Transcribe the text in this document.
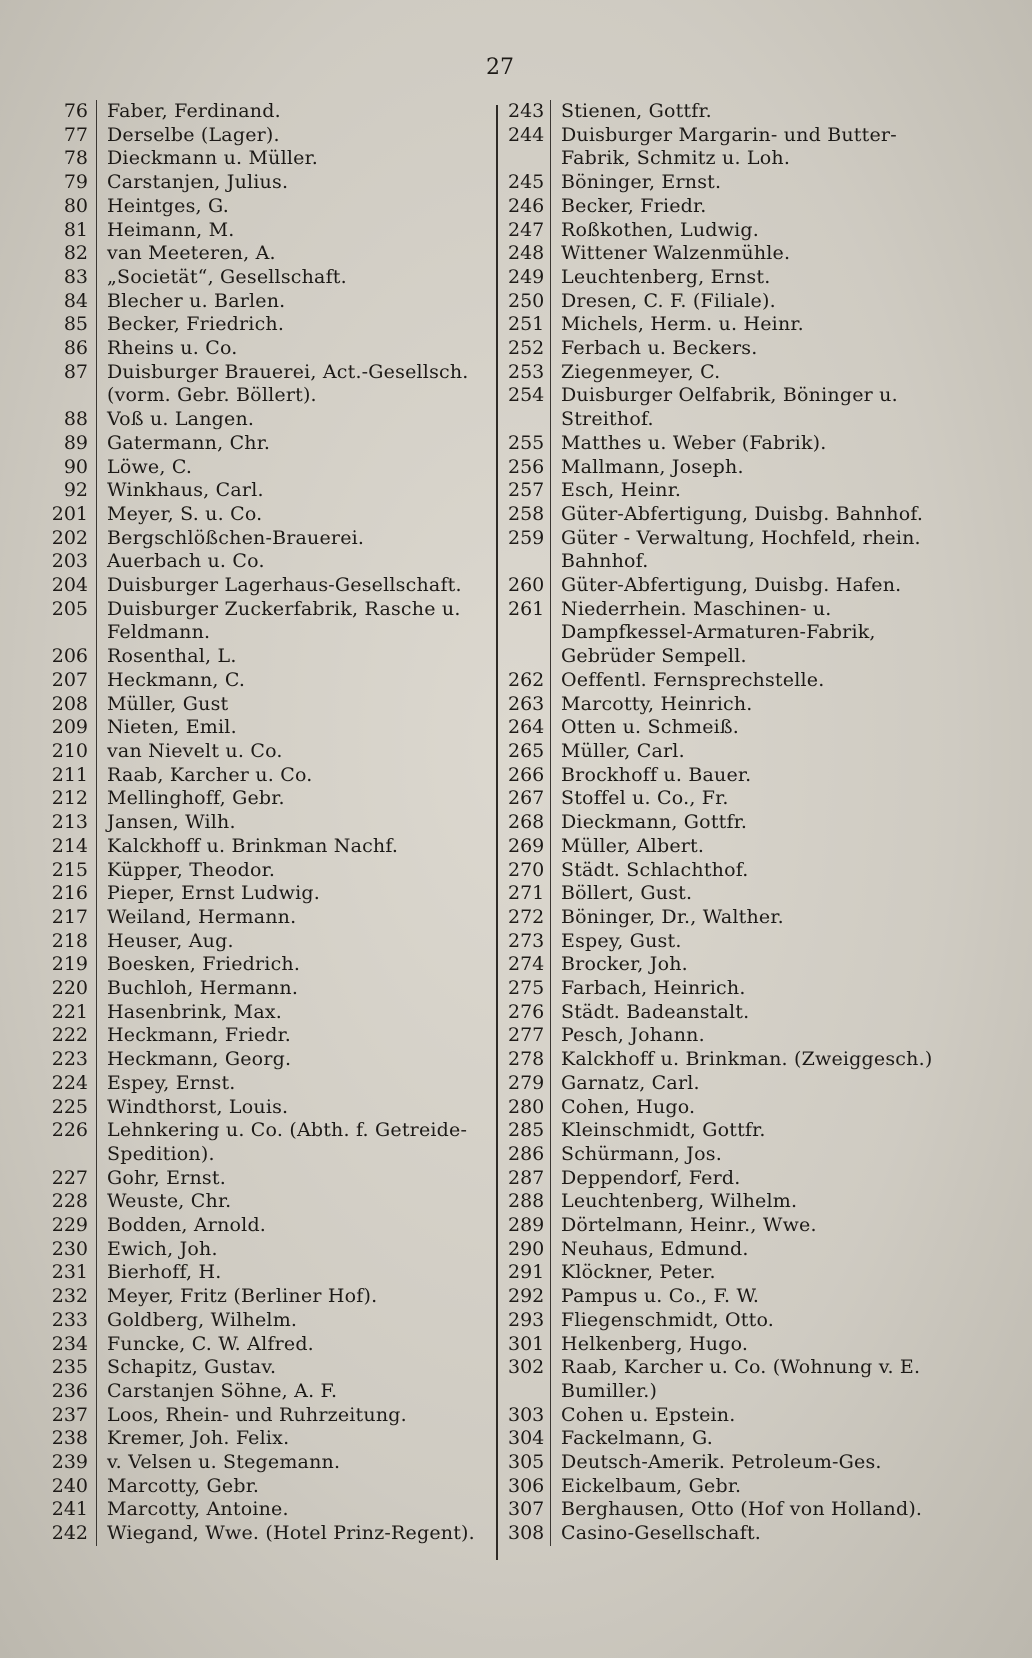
27
76	Faber, Ferdinand.
77	Derselbe (Lager).
78	Dieckmann u. Müller.
79	Carstanjen, Julius.
80	Heintges, G.
81	Heimann, M.
82	van Meeteren, A.
83	„Societät“, Gesellschaft.
84	Blecher u. Barlen.
85	Becker, Friedrich.
86	Rheins u. Co.
87	Duisburger Brauerei, Act.-Gesellsch. (vorm. Gebr. Böllert).
88	Voß u. Langen.
89	Gatermann, Chr.
90	Löwe, C.
92	Winkhaus, Carl.
201	Meyer, S. u. Co.
202	Bergschlößchen-Brauerei.
203	Auerbach u. Co.
204	Duisburger Lagerhaus-Gesellschaft.
205	Duisburger Zuckerfabrik, Rasche u. Feldmann.
206	Rosenthal, L.
207	Heckmann, C.
208	Müller, Gust
209	Nieten, Emil.
210	van Nievelt u. Co.
211	Raab, Karcher u. Co.
212	Mellinghoff, Gebr.
213	Jansen, Wilh.
214	Kalckhoff u. Brinkman Nachf.
215	Küpper, Theodor.
216	Pieper, Ernst Ludwig.
217	Weiland, Hermann.
218	Heuser, Aug.
219	Boesken, Friedrich.
220	Buchloh, Hermann.
221	Hasenbrink, Max.
222	Heckmann, Friedr.
223	Heckmann, Georg.
224	Espey, Ernst.
225	Windthorst, Louis.
226	Lehnkering u. Co. (Abth. f. Getreide-Spedition).
227	Gohr, Ernst.
228	Weuste, Chr.
229	Bodden, Arnold.
230	Ewich, Joh.
231	Bierhoff, H.
232	Meyer, Fritz (Berliner Hof).
233	Goldberg, Wilhelm.
234	Funcke, C. W. Alfred.
235	Schapitz, Gustav.
236	Carstanjen Söhne, A. F.
237	Loos, Rhein- und Ruhrzeitung.
238	Kremer, Joh. Felix.
239	v. Velsen u. Stegemann.
240	Marcotty, Gebr.
241	Marcotty, Antoine.
242	Wiegand, Wwe. (Hotel Prinz-Regent).
243 Stienen, Gottfr.
244 Duisburger Margarin- und Butter-Fabrik, Schmitz u. Loh.
245 Böninger, Ernst.
246 Becker, Friedr.
247 Roßkothen, Ludwig.
248 Wittener Walzenmühle.
249 Leuchtenberg, Ernst.
250 Dresen, C. F. (Filiale).
251 Michels, Herm. u. Heinr.
252 Ferbach u. Beckers.
253 Ziegenmeyer, C.
254 Duisburger Oelfabrik, Böninger u. Streithof.
255 Matthes u. Weber (Fabrik).
256 Mallmann, Joseph.
257 Esch, Heinr.
258 Güter-Abfertigung, Duisbg. Bahnhof.
259 Güter - Verwaltung, Hochfeld, rhein. Bahnhof.
260 Güter-Abfertigung, Duisbg. Hafen.
261 Niederrhein. Maschinen- u. Dampfkessel-Armaturen-Fabrik, Gebrüder Sempell.
262 Oeffentl. Fernsprechstelle.
263 Marcotty, Heinrich.
264 Otten u. Schmeiß.
265 Müller, Carl.
266 Brockhoff u. Bauer.
267 Stoffel u. Co., Fr.
268 Dieckmann, Gottfr.
269 Müller, Albert.
270 Städt. Schlachthof.
271 Böllert, Gust.
272 Böninger, Dr., Walther.
273 Espey, Gust.
274 Brocker, Joh.
275 Farbach, Heinrich.
276 Städt. Badeanstalt.
277 Pesch, Johann.
278 Kalckhoff u. Brinkman. (Zweiggesch.)
279 Garnatz, Carl.
280 Cohen, Hugo.
285 Kleinschmidt, Gottfr.
286 Schürmann, Jos.
287 Deppendorf, Ferd.
288 Leuchtenberg, Wilhelm.
289 Dörtelmann, Heinr., Wwe.
290 Neuhaus, Edmund.
291 Klöckner, Peter.
292 Pampus u. Co., F. W.
293 Fliegenschmidt, Otto.
301 Helkenberg, Hugo.
302 Raab, Karcher u. Co. (Wohnung v. E. Bumiller.)
303 Cohen u. Epstein.
304 Fackelmann, G.
305 Deutsch-Amerik. Petroleum-Ges.
306 Eickelbaum, Gebr.
307 Berghausen, Otto (Hof von Holland).
308 Casino-Gesellschaft.
